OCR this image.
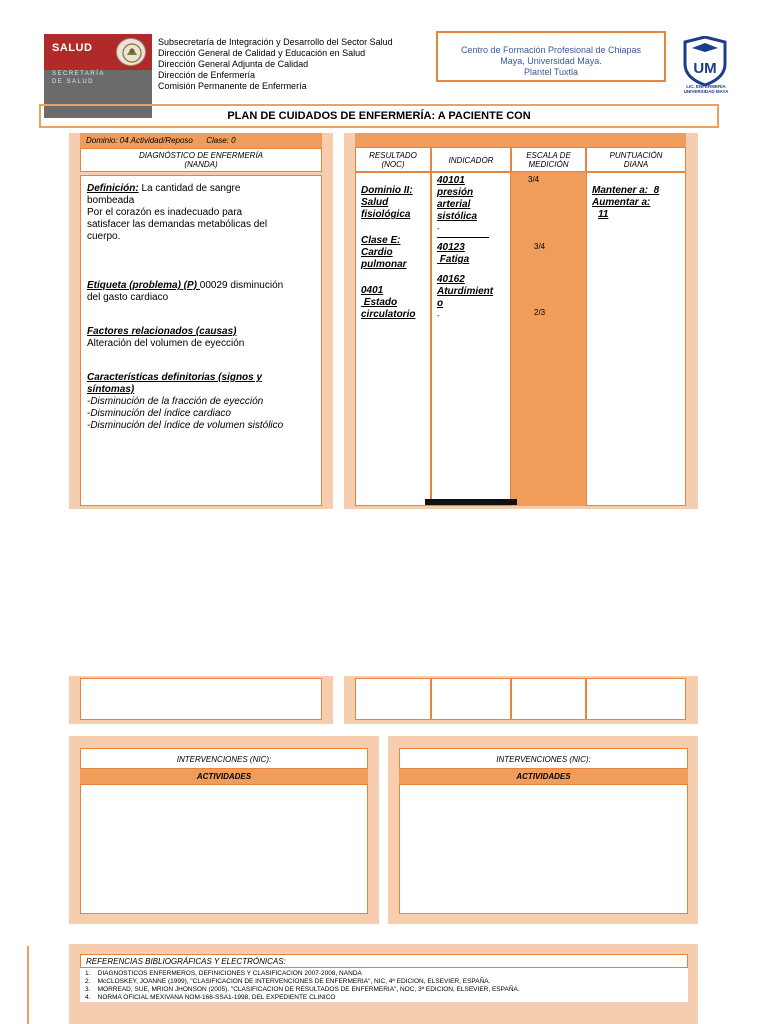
SALUD
SECRETARÍA
DE SALUD
Subsecretaría de Integración y Desarrollo del Sector Salud
Dirección General de Calidad y Educación en Salud
Dirección General Adjunta de Calidad
Dirección de Enfermería
Comisión Permanente de Enfermería
Centro de Formación Profesional de Chiapas
Maya, Universidad Maya.
Plantel Tuxtla	UM
LIC. ENFERMERÍA
UNIVERSIDAD MAYA
PLAN DE CUIDADOS DE ENFERMERÍA: A PACIENTE CON
Dominio: 04 Actividad/Reposo      Clase: 0
DIAGNÓSTICO DE ENFERMERÍA
(NANDA)
Definición: La cantidad de sangre
bombeada
Por el corazón es inadecuado para
satisfacer las demandas metabólicas del
cuerpo.
Etiqueta (problema) (P) 00029 disminución
del gasto cardiaco
Factores relacionados (causas)
Alteración del volumen de eyección
Características definitorias (signos y
síntomas)
-Disminución de la fracción de eyección
-Disminución del índice cardiaco
-Disminución del índice de volumen sistólico
RESULTADO
(NOC)	INDICADOR
ESCALA DE
MEDICIÓN
PUNTUACIÓN
DIANA
Dominio II:
Salud
fisiológica
Clase E:
Cardio
pulmonar
0401
Estado
circulatorio
40101
presión
arterial
sistólica
-
40123
Fatiga
40162
Aturdimient
o
-
3/4
3/4
2/3
Mantener a:  8
Aumentar a:
11
INTERVENCIONES (NIC):
ACTIVIDADES
INTERVENCIONES (NIC):
ACTIVIDADES
REFERENCIAS BIBLIOGRÁFICAS Y ELECTRÓNICAS:
1.    DIAGNOSTICOS ENFERMEROS, DEFINICIONES Y CLASIFICACION 2007-2008, NANDA
2.    McCLOSKEY, JOANNE (1999), "CLASIFICACION DE INTERVENCIONES DE ENFERMERIA", NIC, 4ª EDICION, ELSEVIER, ESPAÑA.
3.    MORREAD, SUE, MRION JHONSON (2005). "CLASIFICACION DE RESULTADOS DE ENFERMERIA", NOC, 3ª EDICION, ELSEVIER, ESPAÑA.
4.    NORMA OFICIAL MEXIVANA NOM-168-SSA1-1998, DEL EXPEDIENTE CLINICO
